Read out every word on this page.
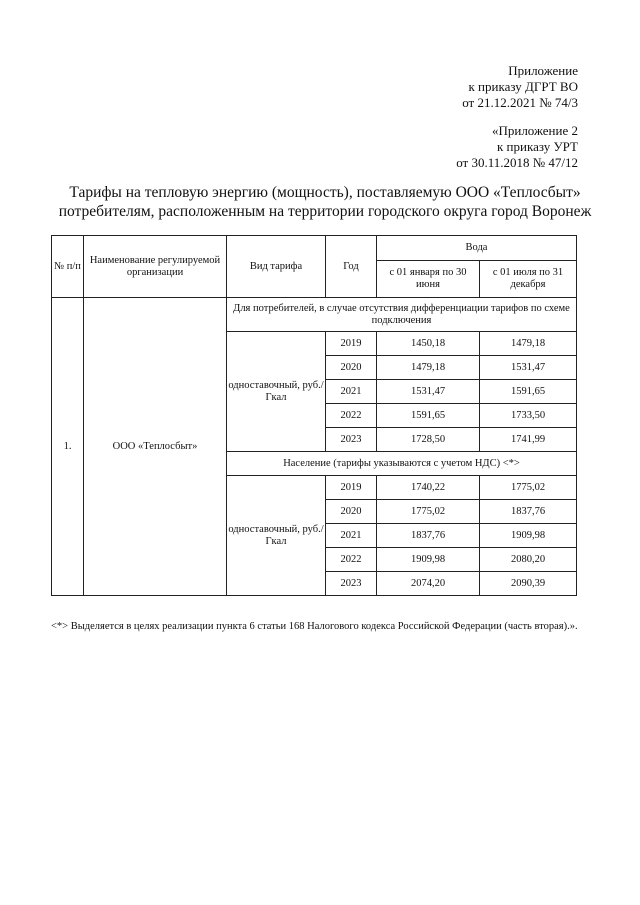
Приложение
к приказу ДГРТ ВО
от 21.12.2021 № 74/3
«Приложение 2
к приказу УРТ
от 30.11.2018 № 47/12
Тарифы на тепловую энергию (мощность), поставляемую ООО «Теплосбыт»
потребителям, расположенным на территории городского округа город Воронеж
№ п/п	Наименование регулируемой организации	Вид тарифа	Год	Вода	
				с 01 января по 30 июня	с 01 июля по 31 декабря
1.	ООО «Теплосбыт»	Для потребителей, в случае отсутствия дифференциации тарифов по схеме подключения			
		одноставочный, руб./Гкал	2019	1450,18	1479,18
			2020	1479,18	1531,47
			2021	1531,47	1591,65
			2022	1591,65	1733,50
			2023	1728,50	1741,99
		Население (тарифы указываются с учетом НДС) <*>			
		одноставочный, руб./Гкал	2019	1740,22	1775,02
			2020	1775,02	1837,76
			2021	1837,76	1909,98
			2022	1909,98	2080,20
			2023	2074,20	2090,39
<*> Выделяется в целях реализации пункта 6 статьи 168 Налогового кодекса Российской Федерации (часть вторая).».
